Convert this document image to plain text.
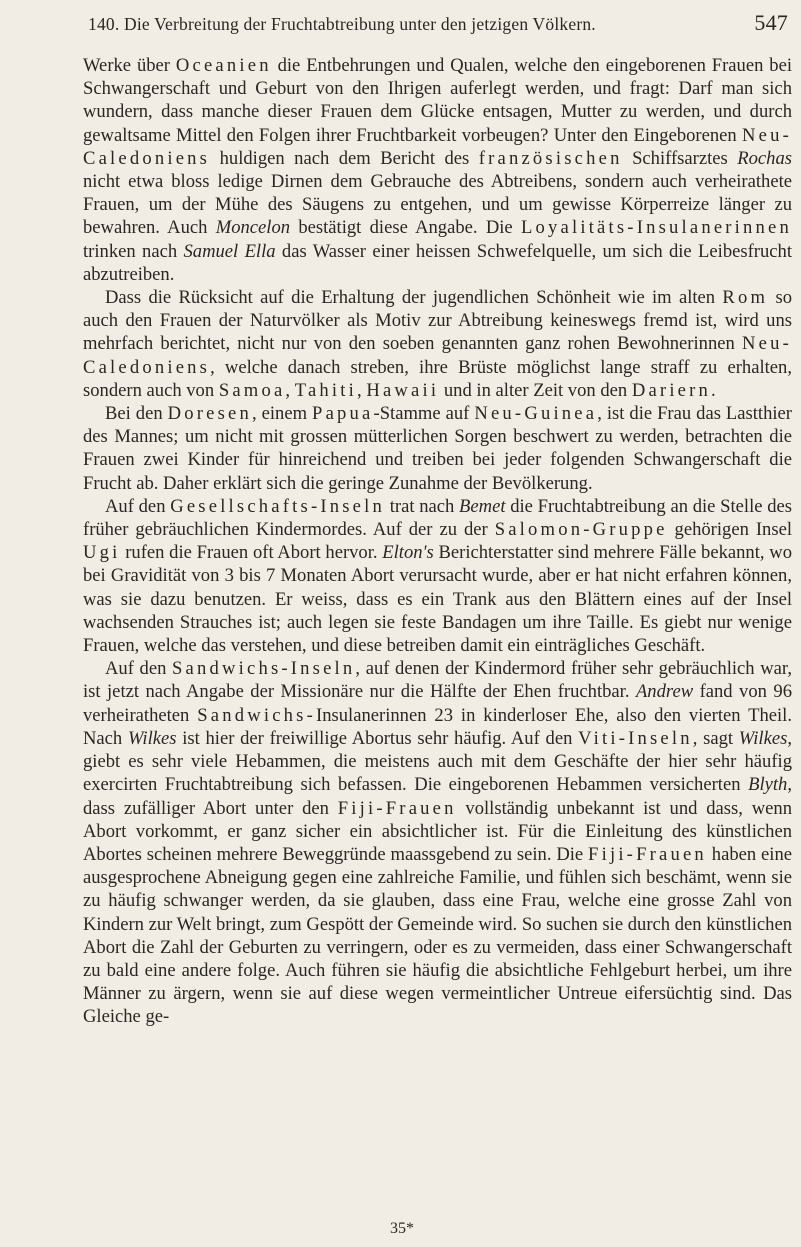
140. Die Verbreitung der Fruchtabtreibung unter den jetzigen Völkern.	547

Werke über Oceanien die Entbehrungen und Qualen, welche den eingeborenen Frauen bei Schwangerschaft und Geburt von den Ihrigen auferlegt werden, und fragt: Darf man sich wundern, dass manche dieser Frauen dem Glücke entsagen, Mutter zu werden, und durch gewaltsame Mittel den Folgen ihrer Fruchtbarkeit vorbeugen? Unter den Eingeborenen Neu-Caledoniens huldigen nach dem Bericht des französischen Schiffsarztes Rochas nicht etwa bloss ledige Dirnen dem Gebrauche des Abtreibens, sondern auch verheirathete Frauen, um der Mühe des Säugens zu entgehen, und um gewisse Körperreize länger zu bewahren. Auch Moncelon bestätigt diese Angabe. Die Loyalitäts-Insulanerinnen trinken nach Samuel Ella das Wasser einer heissen Schwefelquelle, um sich die Leibesfrucht abzutreiben.

Dass die Rücksicht auf die Erhaltung der jugendlichen Schönheit wie im alten Rom so auch den Frauen der Naturvölker als Motiv zur Abtreibung keineswegs fremd ist, wird uns mehrfach berichtet, nicht nur von den soeben genannten ganz rohen Bewohnerinnen Neu-Caledoniens, welche danach streben, ihre Brüste möglichst lange straff zu erhalten, sondern auch von Samoa, Tahiti, Hawaii und in alter Zeit von den Dariern.

Bei den Doresen, einem Papua-Stamme auf Neu-Guinea, ist die Frau das Lastthier des Mannes; um nicht mit grossen mütterlichen Sorgen beschwert zu werden, betrachten die Frauen zwei Kinder für hinreichend und treiben bei jeder folgenden Schwangerschaft die Frucht ab. Daher erklärt sich die geringe Zunahme der Bevölkerung.

Auf den Gesellschafts-Inseln trat nach Bemet die Fruchtabtreibung an die Stelle des früher gebräuchlichen Kindermordes. Auf der zu der Salomon-Gruppe gehörigen Insel Ugi rufen die Frauen oft Abort hervor. Elton's Berichterstatter sind mehrere Fälle bekannt, wo bei Gravidität von 3 bis 7 Monaten Abort verursacht wurde, aber er hat nicht erfahren können, was sie dazu benutzen. Er weiss, dass es ein Trank aus den Blättern eines auf der Insel wachsenden Strauches ist; auch legen sie feste Bandagen um ihre Taille. Es giebt nur wenige Frauen, welche das verstehen, und diese betreiben damit ein einträgliches Geschäft.

Auf den Sandwichs-Inseln, auf denen der Kindermord früher sehr gebräuchlich war, ist jetzt nach Angabe der Missionäre nur die Hälfte der Ehen fruchtbar. Andrew fand von 96 verheiratheten Sandwichs-Insulanerinnen 23 in kinderloser Ehe, also den vierten Theil. Nach Wilkes ist hier der freiwillige Abortus sehr häufig. Auf den Viti-Inseln, sagt Wilkes, giebt es sehr viele Hebammen, die meistens auch mit dem Geschäfte der hier sehr häufig exercirten Fruchtabtreibung sich befassen. Die eingeborenen Hebammen versicherten Blyth, dass zufälliger Abort unter den Fiji-Frauen vollständig unbekannt ist und dass, wenn Abort vorkommt, er ganz sicher ein absichtlicher ist. Für die Einleitung des künstlichen Abortes scheinen mehrere Beweggründe maassgebend zu sein. Die Fiji-Frauen haben eine ausgesprochene Abneigung gegen eine zahlreiche Familie, und fühlen sich beschämt, wenn sie zu häufig schwanger werden, da sie glauben, dass eine Frau, welche eine grosse Zahl von Kindern zur Welt bringt, zum Gespött der Gemeinde wird. So suchen sie durch den künstlichen Abort die Zahl der Geburten zu verringern, oder es zu vermeiden, dass einer Schwangerschaft zu bald eine andere folge. Auch führen sie häufig die absichtliche Fehlgeburt herbei, um ihre Männer zu ärgern, wenn sie auf diese wegen vermeintlicher Untreue eifersüchtig sind. Das Gleiche ge-

35*
